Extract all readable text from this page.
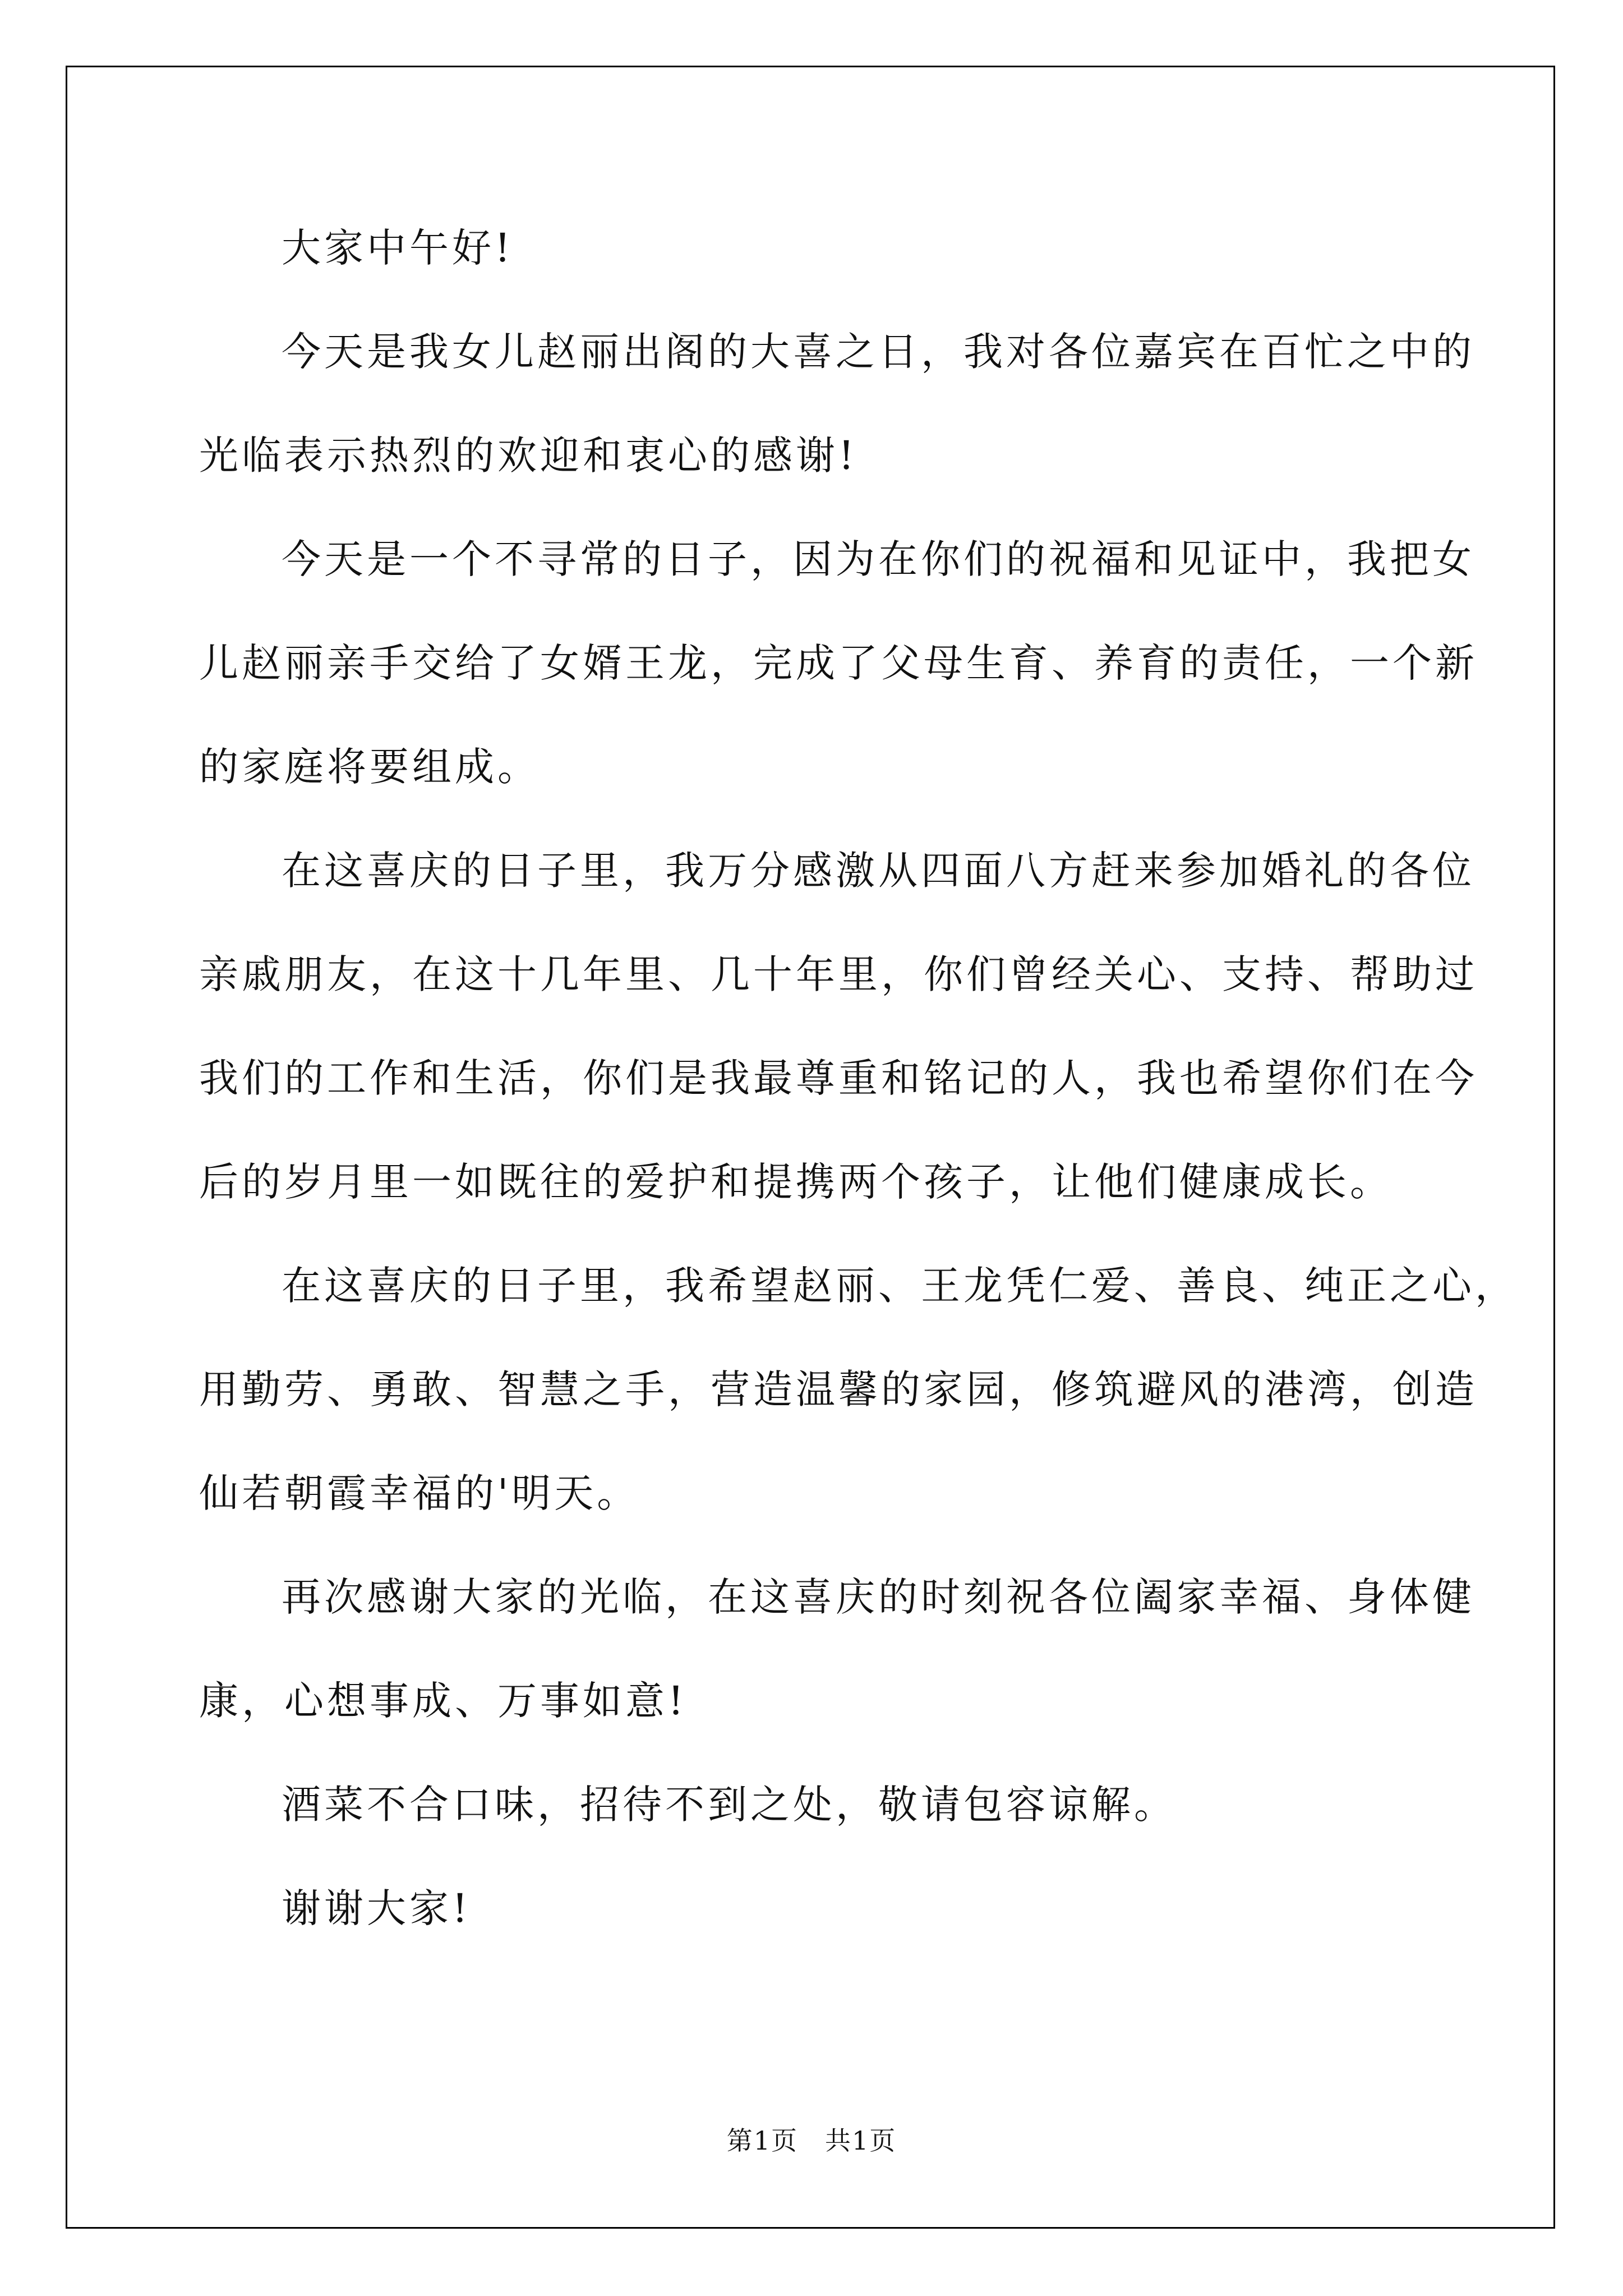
大家中午好!
今天是我女儿赵丽出阁的大喜之日，我对各位嘉宾在百忙之中的
光临表示热烈的欢迎和衷心的感谢!
今天是一个不寻常的日子，因为在你们的祝福和见证中，我把女
儿赵丽亲手交给了女婿王龙，完成了父母生育、养育的责任，一个新
的家庭将要组成。
在这喜庆的日子里，我万分感激从四面八方赶来参加婚礼的各位
亲戚朋友，在这十几年里、几十年里，你们曾经关心、支持、帮助过
我们的工作和生活，你们是我最尊重和铭记的人，我也希望你们在今
后的岁月里一如既往的爱护和提携两个孩子，让他们健康成长。
在这喜庆的日子里，我希望赵丽、王龙凭仁爱、善良、纯正之心，
用勤劳、勇敢、智慧之手，营造温馨的家园，修筑避风的港湾，创造
仙若朝霞幸福的'明天。
再次感谢大家的光临，在这喜庆的时刻祝各位阖家幸福、身体健
康，心想事成、万事如意!
酒菜不合口味，招待不到之处，敬请包容谅解。
谢谢大家!
第1页　共1页
